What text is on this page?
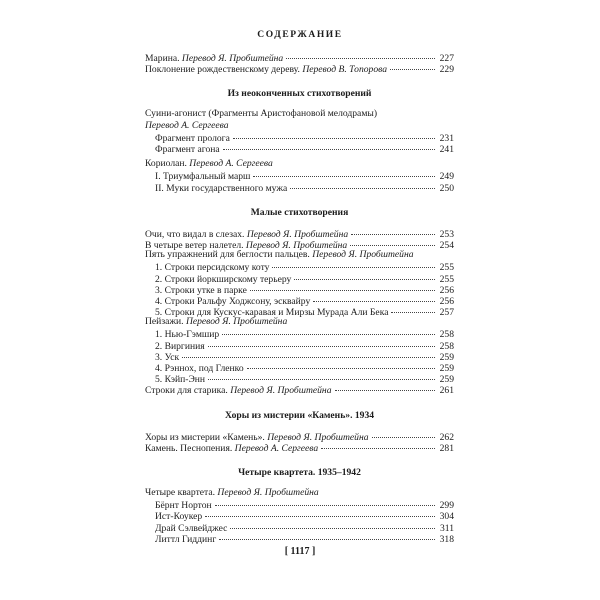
СОДЕРЖАНИЕ
Марина. Перевод Я. Пробштейна	227
Поклонение рождественскому дереву. Перевод В. Топорова	229
Из неоконченных стихотворений
Суини-агонист (Фрагменты Аристофановой мелодрамы)
Перевод А. Сергеева
Фрагмент пролога	231
Фрагмент агона	241
Кориолан. Перевод А. Сергеева
I. Триумфальный марш	249
II. Муки государственного мужа	250
Малые стихотворения
Очи, что видал в слезах. Перевод Я. Пробштейна	253
В четыре ветер налетел. Перевод Я. Пробштейна	254
Пять упражнений для беглости пальцев. Перевод Я. Пробштейна
1. Строки персидскому коту	255
2. Строки йоркширскому терьеру	255
3. Строки утке в парке	256
4. Строки Ральфу Ходжсону, эсквайру	256
5. Строки для Кускус-каравая и Мирзы Мурада Али Бека	257
Пейзажи. Перевод Я. Пробштейна
1. Нью-Гэмшир	258
2. Виргиния	258
3. Уск	259
4. Рэннох, под Гленко	259
5. Кэйп-Энн	259
Строки для старика. Перевод Я. Пробштейна	261
Хоры из мистерии «Камень». 1934
Хоры из мистерии «Камень». Перевод Я. Пробштейна	262
Камень. Песнопения. Перевод А. Сергеева	281
Четыре квартета. 1935–1942
Четыре квартета. Перевод Я. Пробштейна
Бёрнт Нортон	299
Ист-Коукер	304
Драй Сэлвейджес	311
Литтл Гиддинг	318
[ 1117 ]
